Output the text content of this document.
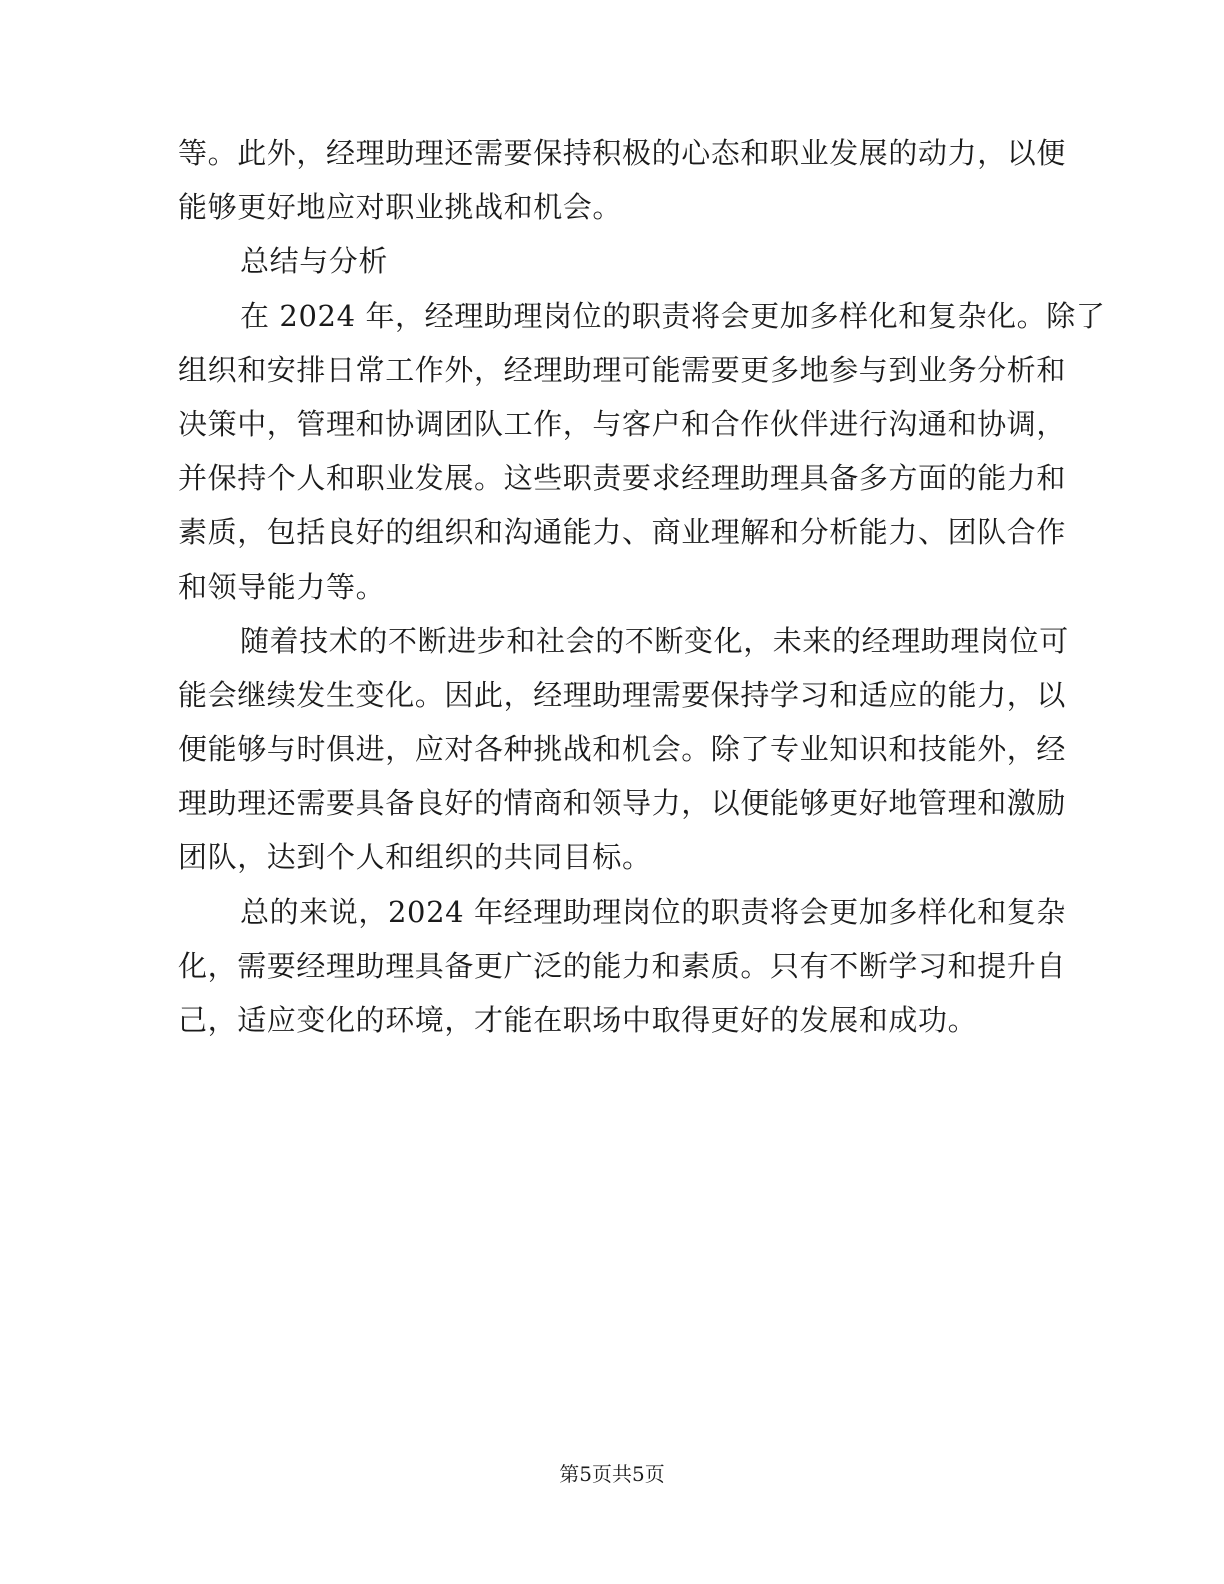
等。此外，经理助理还需要保持积极的心态和职业发展的动力，以便
能够更好地应对职业挑战和机会。
总结与分析
在 2024 年，经理助理岗位的职责将会更加多样化和复杂化。除了
组织和安排日常工作外，经理助理可能需要更多地参与到业务分析和
决策中，管理和协调团队工作，与客户和合作伙伴进行沟通和协调，
并保持个人和职业发展。这些职责要求经理助理具备多方面的能力和
素质，包括良好的组织和沟通能力、商业理解和分析能力、团队合作
和领导能力等。
随着技术的不断进步和社会的不断变化，未来的经理助理岗位可
能会继续发生变化。因此，经理助理需要保持学习和适应的能力，以
便能够与时俱进，应对各种挑战和机会。除了专业知识和技能外，经
理助理还需要具备良好的情商和领导力，以便能够更好地管理和激励
团队，达到个人和组织的共同目标。
总的来说，2024 年经理助理岗位的职责将会更加多样化和复杂
化，需要经理助理具备更广泛的能力和素质。只有不断学习和提升自
己，适应变化的环境，才能在职场中取得更好的发展和成功。
第5页共5页
